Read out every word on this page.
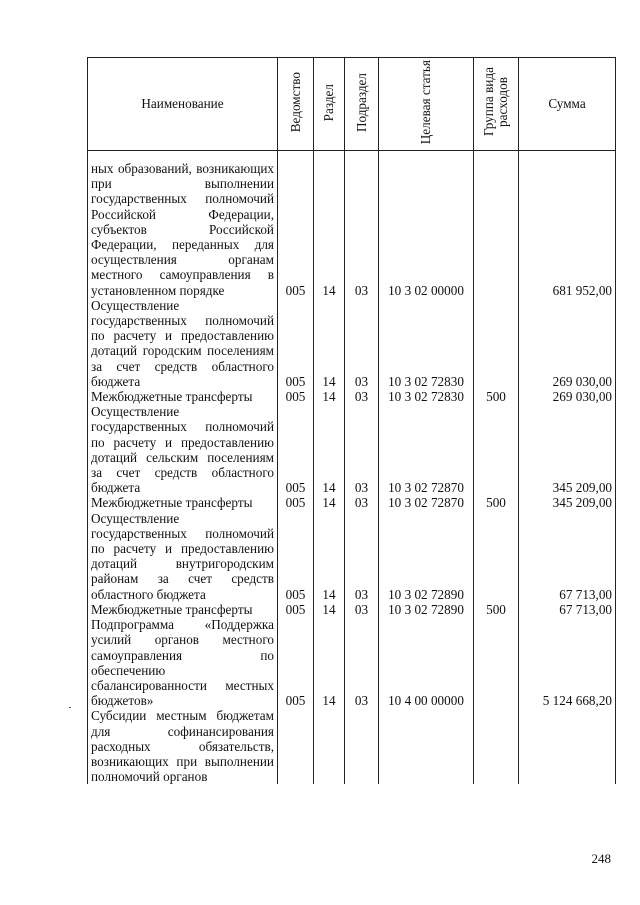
Наименование	Ведомство	Раздел	Подраздел	Целевая статья	Группа вида расходов	Сумма

ных образований, возникающих при выполнении государственных полномочий Российской Федерации, субъектов Российской Федерации, переданных для осуществления органам местного самоуправления в установленном порядке	005	14	03	10 3 02 00000		681 952,00
Осуществление государственных полномочий по расчету и предоставлению дотаций городским поселениям за счет средств областного бюджета	005	14	03	10 3 02 72830		269 030,00
Межбюджетные трансферты	005	14	03	10 3 02 72830	500	269 030,00
Осуществление государственных полномочий по расчету и предоставлению дотаций сельским поселениям за счет средств областного бюджета	005	14	03	10 3 02 72870		345 209,00
Межбюджетные трансферты	005	14	03	10 3 02 72870	500	345 209,00
Осуществление государственных полномочий по расчету и предоставлению дотаций внутригородским районам за счет средств областного бюджета	005	14	03	10 3 02 72890		67 713,00
Межбюджетные трансферты	005	14	03	10 3 02 72890	500	67 713,00
Подпрограмма «Поддержка усилий органов местного самоуправления по обеспечению сбалансированности местных бюджетов»	005	14	03	10 4 00 00000		5 124 668,20
Субсидии местным бюджетам для софинансирования расходных обязательств, возникающих при выполнении полномочий органов						
248
